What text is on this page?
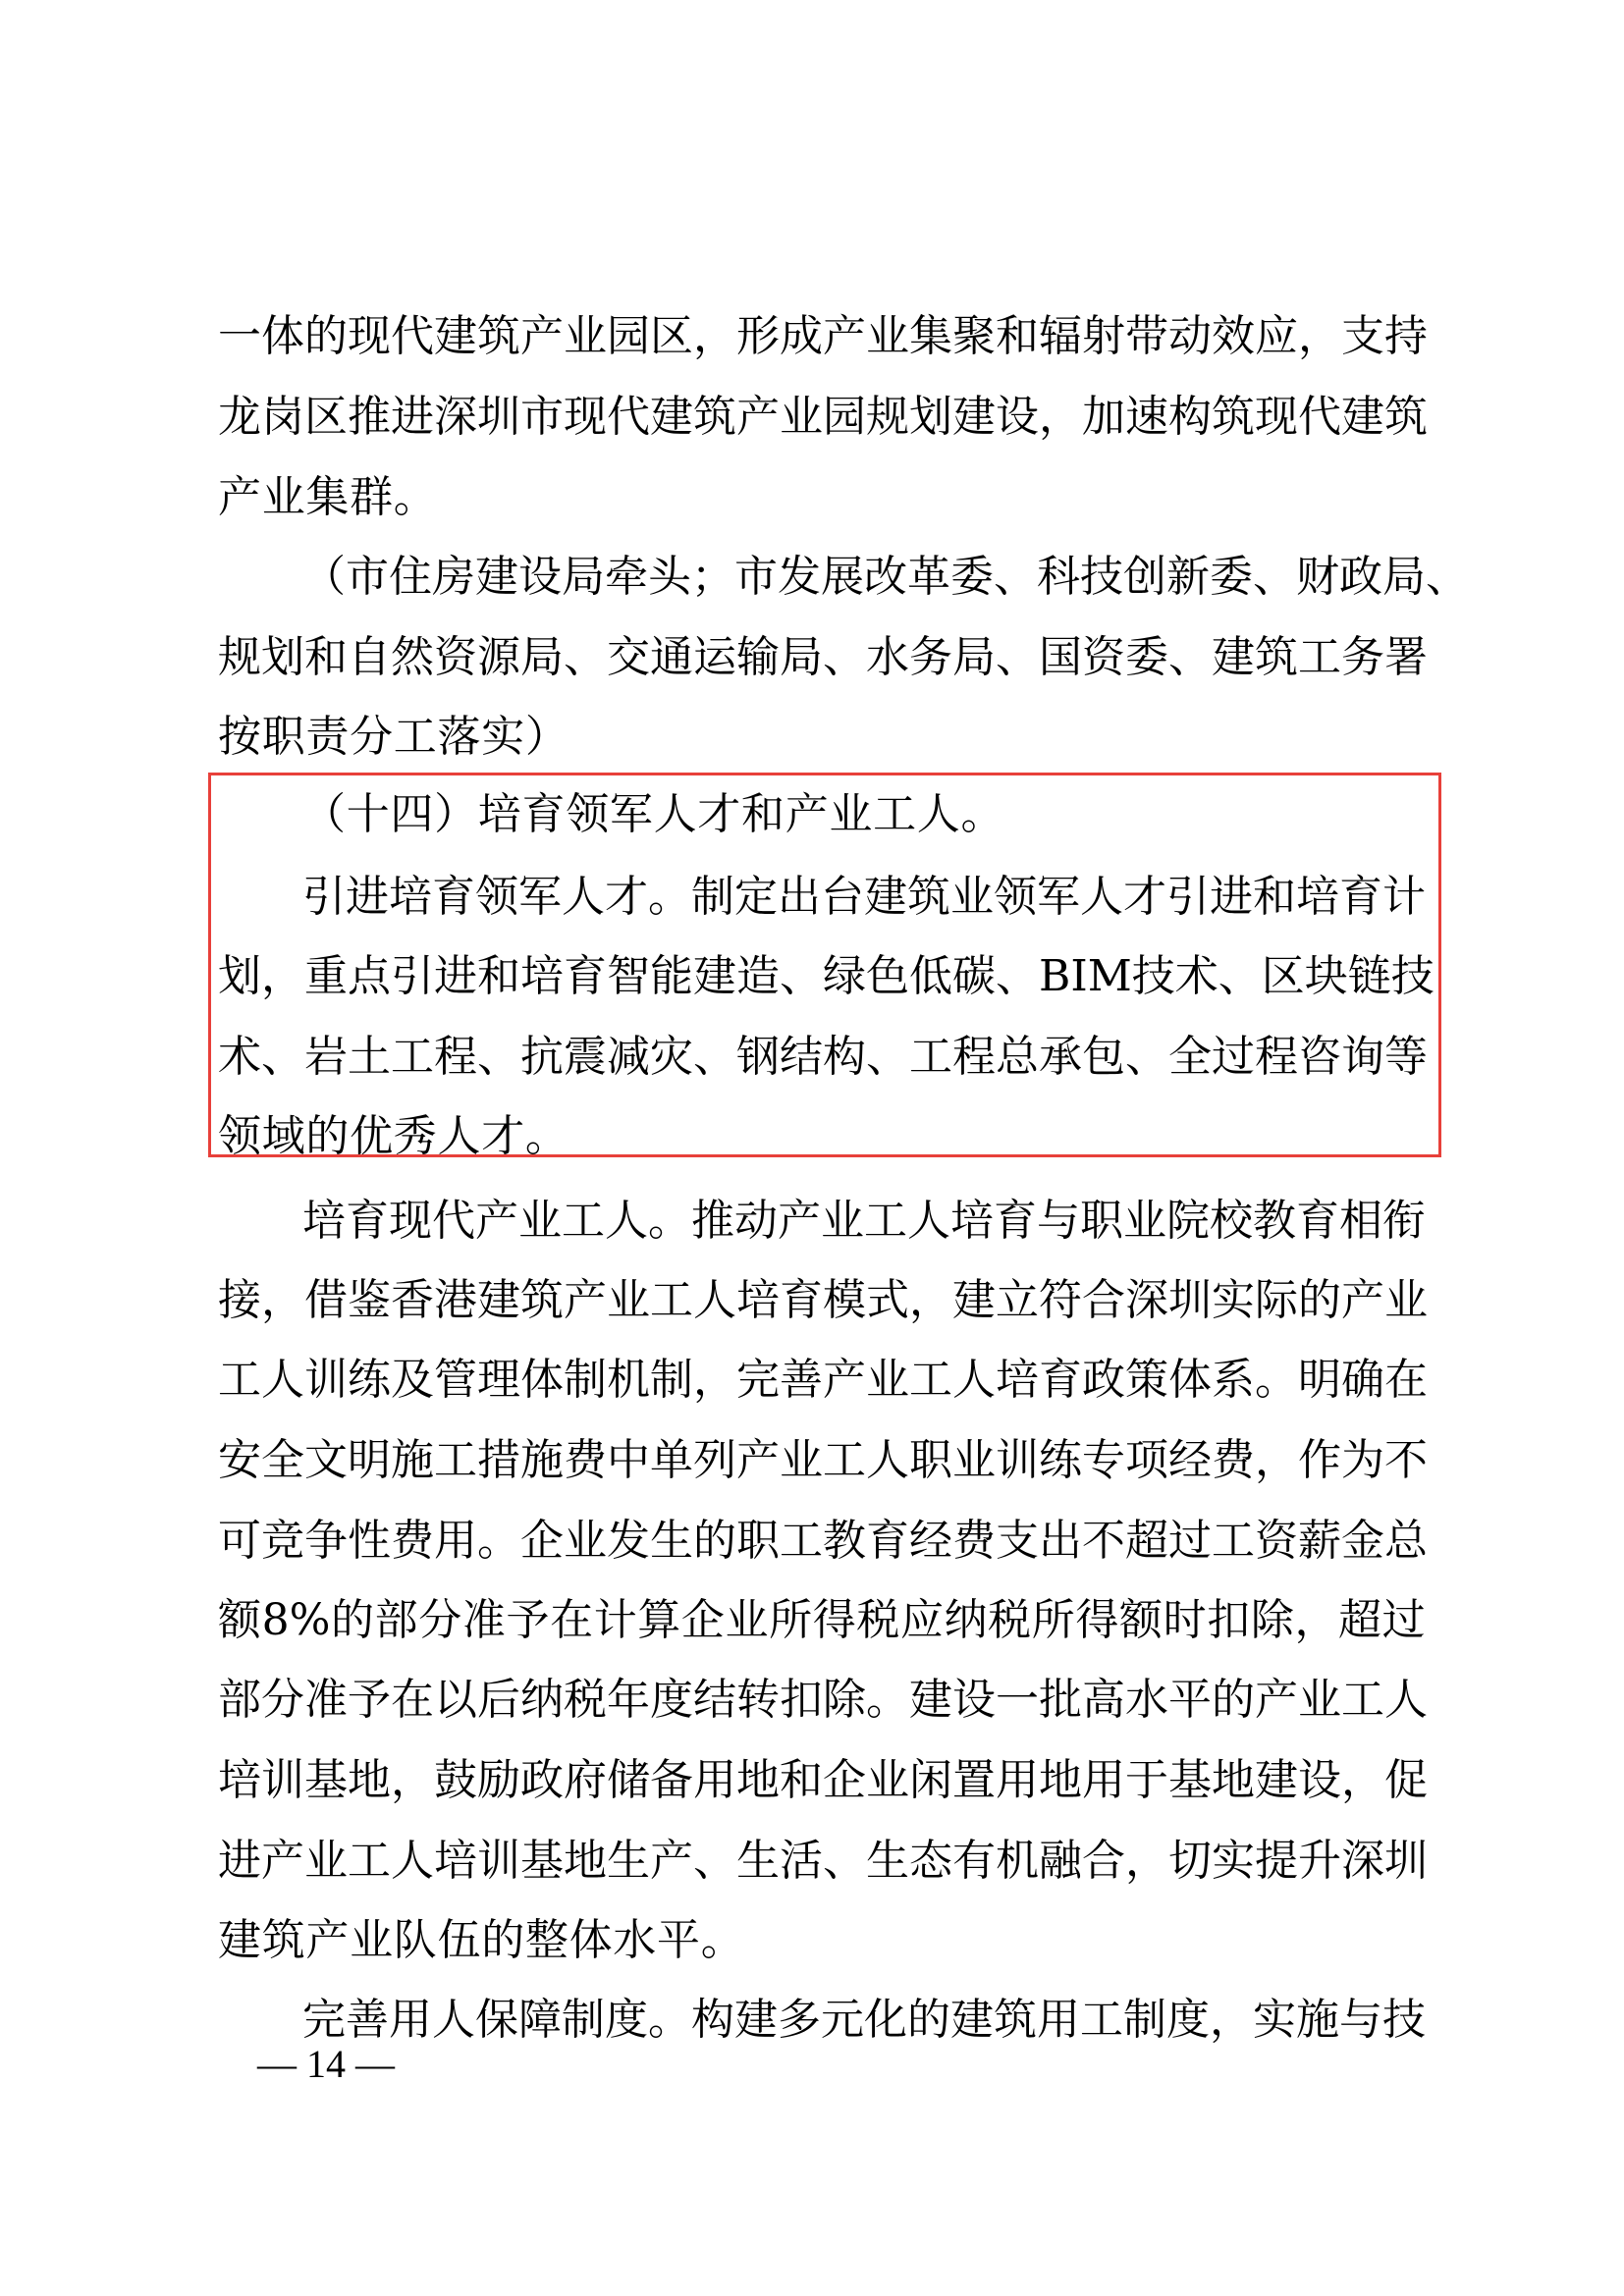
一 体 的 现 代 建 筑 产 业 园 区 ， 形 成 产 业 集 聚 和 辐 射 带 动 效 应 ， 支 持
龙 岗 区 推 进 深 圳 市 现 代 建 筑 产 业 园 规 划 建 设 ， 加 速 构 筑 现 代 建 筑
产业集群。
（ 市 住 房 建 设 局 牵 头 ； 市 发 展 改 革 委 、 科 技 创 新 委 、 财 政 局 、
规 划 和 自 然 资 源 局 、 交 通 运 输 局 、 水 务 局 、 国 资 委 、 建 筑 工 务 署
按职责分工落实）
（十四）培育领军人才和产业工人。
引 进 培 育 领 军 人 才 。 制 定 出 台 建 筑 业 领 军 人 才 引 进 和 培 育 计
划 ， 重 点 引 进 和 培 育 智 能 建 造 、 绿 色 低 碳 、 BIM 技 术 、 区 块 链 技
术 、 岩 土 工 程 、 抗 震 减 灾 、 钢 结 构 、 工 程 总 承 包 、 全 过 程 咨 询 等
领域的优秀人才。
培 育 现 代 产 业 工 人 。 推 动 产 业 工 人 培 育 与 职 业 院 校 教 育 相 衔
接 ， 借 鉴 香 港 建 筑 产 业 工 人 培 育 模 式 ， 建 立 符 合 深 圳 实 际 的 产 业
工 人 训 练 及 管 理 体 制 机 制 ， 完 善 产 业 工 人 培 育 政 策 体 系 。 明 确 在
安 全 文 明 施 工 措 施 费 中 单 列 产 业 工 人 职 业 训 练 专 项 经 费 ， 作 为 不
可 竞 争 性 费 用 。 企 业 发 生 的 职 工 教 育 经 费 支 出 不 超 过 工 资 薪 金 总
额 8% 的 部 分 准 予 在 计 算 企 业 所 得 税 应 纳 税 所 得 额 时 扣 除 ， 超 过
部 分 准 予 在 以 后 纳 税 年 度 结 转 扣 除 。 建 设 一 批 高 水 平 的 产 业 工 人
培 训 基 地 ， 鼓 励 政 府 储 备 用 地 和 企 业 闲 置 用 地 用 于 基 地 建 设 ， 促
进 产 业 工 人 培 训 基 地 生 产 、 生 活 、 生 态 有 机 融 合 ， 切 实 提 升 深 圳
建筑产业队伍的整体水平。
完 善 用 人 保 障 制 度 。 构 建 多 元 化 的 建 筑 用 工 制 度 ， 实 施 与 技
— 14 —
